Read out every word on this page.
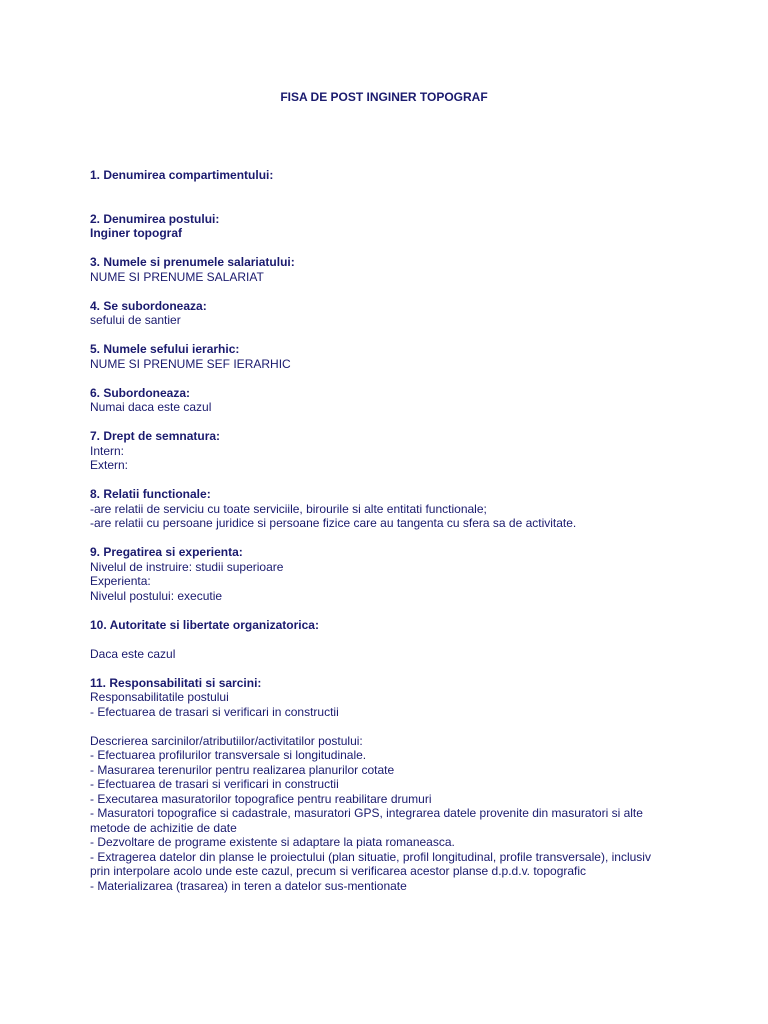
FISA DE POST INGINER TOPOGRAF
1. Denumirea compartimentului:
2. Denumirea postului:
Inginer topograf
3. Numele si prenumele salariatului:
NUME SI PRENUME SALARIAT
4. Se subordoneaza:
sefului de santier
5. Numele sefului ierarhic:
NUME SI PRENUME SEF IERARHIC
6. Subordoneaza:
Numai daca este cazul
7. Drept de semnatura:
Intern:
Extern:
8. Relatii functionale:
-are relatii de serviciu cu toate serviciile, birourile si alte entitati functionale;
-are relatii cu persoane juridice si persoane fizice care au tangenta cu sfera sa de activitate.
9. Pregatirea si experienta:
Nivelul de instruire: studii superioare
Experienta:
Nivelul postului: executie
10. Autoritate si libertate organizatorica:
Daca este cazul
11. Responsabilitati si sarcini:
Responsabilitatile postului
- Efectuarea de trasari si verificari in constructii
Descrierea sarcinilor/atributiilor/activitatilor postului:
- Efectuarea profilurilor transversale si longitudinale.
- Masurarea terenurilor pentru realizarea planurilor cotate
- Efectuarea de trasari si verificari in constructii
- Executarea masuratorilor topografice pentru reabilitare drumuri
- Masuratori topografice si cadastrale, masuratori GPS, integrarea datele provenite din masuratori si alte
metode de achizitie de date
- Dezvoltare de programe existente si adaptare la piata romaneasca.
- Extragerea datelor din planse le proiectului (plan situatie, profil longitudinal, profile transversale), inclusiv
prin interpolare acolo unde este cazul, precum si verificarea acestor planse d.p.d.v. topografic
- Materializarea (trasarea) in teren a datelor sus-mentionate
